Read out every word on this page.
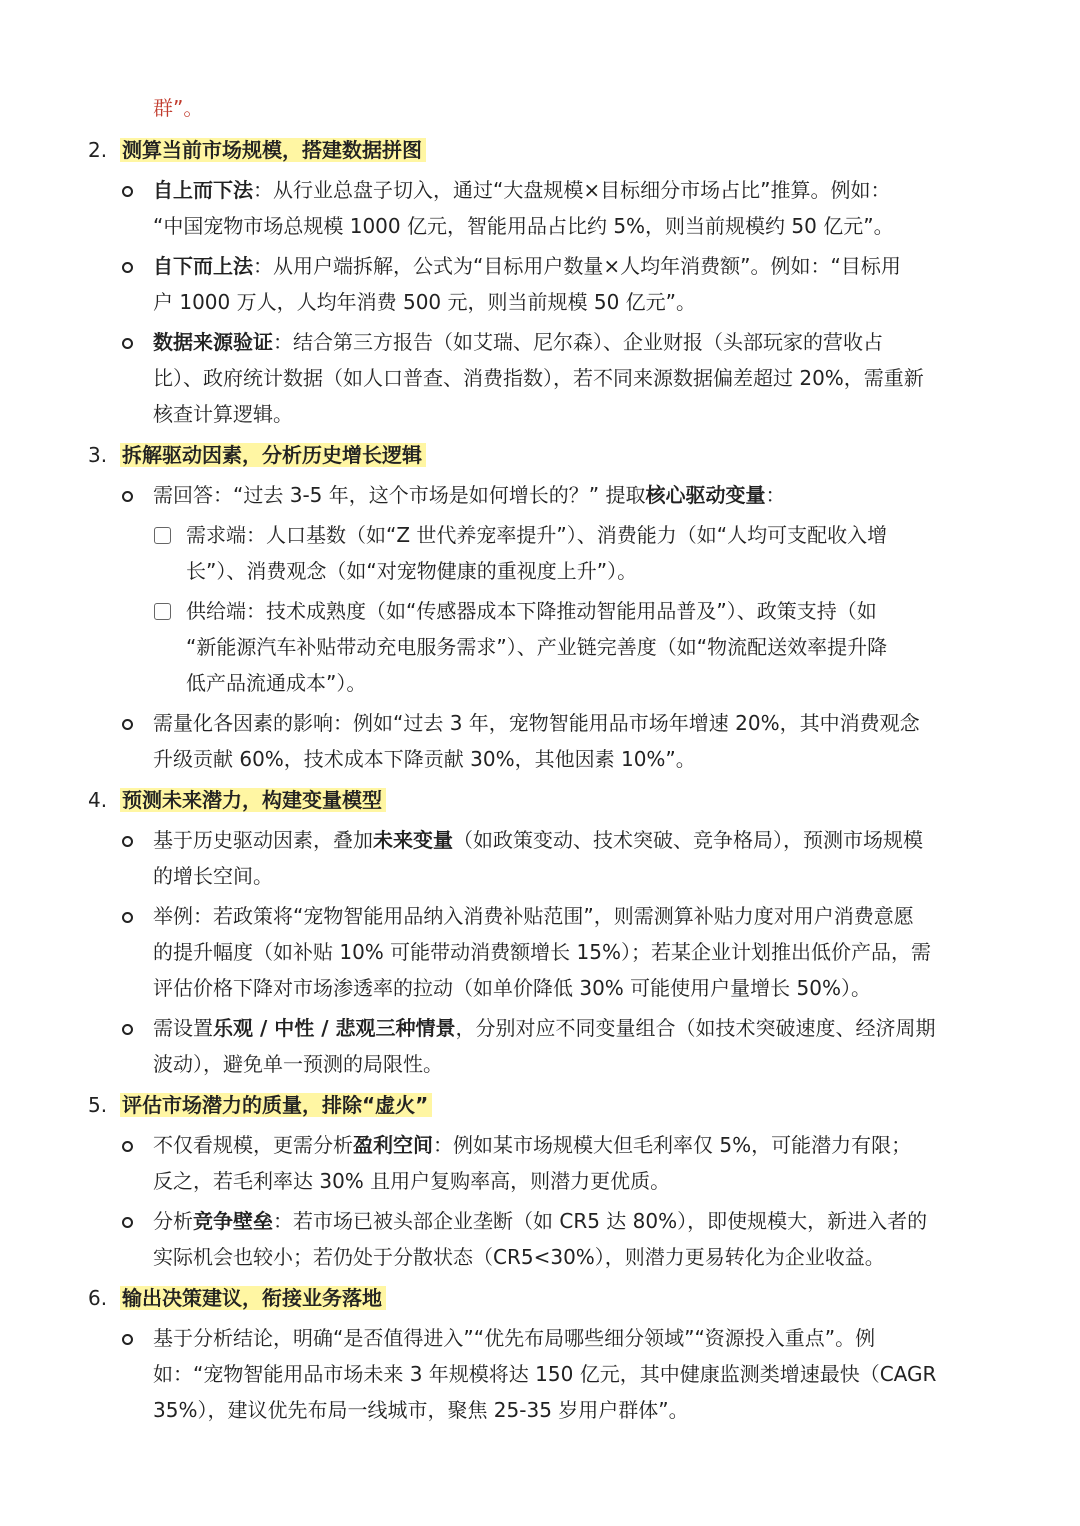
群”。
2. 测算当前市场规模，搭建数据拼图
自上而下法：从行业总盘子切入，通过“大盘规模×目标细分市场占比”推算。例如：
“中国宠物市场总规模 1000 亿元，智能用品占比约 5%，则当前规模约 50 亿元”。
自下而上法：从用户端拆解，公式为“目标用户数量×人均年消费额”。例如：“目标用
户 1000 万人，人均年消费 500 元，则当前规模 50 亿元”。
数据来源验证：结合第三方报告（如艾瑞、尼尔森）、企业财报（头部玩家的营收占
比）、政府统计数据（如人口普查、消费指数），若不同来源数据偏差超过 20%，需重新
核查计算逻辑。
3. 拆解驱动因素，分析历史增长逻辑
需回答：“过去 3-5 年，这个市场是如何增长的？” 提取核心驱动变量：
需求端：人口基数（如“Z 世代养宠率提升”）、消费能力（如“人均可支配收入增
长”）、消费观念（如“对宠物健康的重视度上升”）。
供给端：技术成熟度（如“传感器成本下降推动智能用品普及”）、政策支持（如
“新能源汽车补贴带动充电服务需求”）、产业链完善度（如“物流配送效率提升降
低产品流通成本”）。
需量化各因素的影响：例如“过去 3 年，宠物智能用品市场年增速 20%，其中消费观念
升级贡献 60%，技术成本下降贡献 30%，其他因素 10%”。
4. 预测未来潜力，构建变量模型
基于历史驱动因素，叠加未来变量（如政策变动、技术突破、竞争格局），预测市场规模
的增长空间。
举例：若政策将“宠物智能用品纳入消费补贴范围”，则需测算补贴力度对用户消费意愿
的提升幅度（如补贴 10% 可能带动消费额增长 15%）；若某企业计划推出低价产品，需
评估价格下降对市场渗透率的拉动（如单价降低 30% 可能使用户量增长 50%）。
需设置乐观 / 中性 / 悲观三种情景，分别对应不同变量组合（如技术突破速度、经济周期
波动），避免单一预测的局限性。
5. 评估市场潜力的质量，排除“虚火”
不仅看规模，更需分析盈利空间：例如某市场规模大但毛利率仅 5%，可能潜力有限；
反之，若毛利率达 30% 且用户复购率高，则潜力更优质。
分析竞争壁垒：若市场已被头部企业垄断（如 CR5 达 80%），即使规模大，新进入者的
实际机会也较小；若仍处于分散状态（CR5<30%），则潜力更易转化为企业收益。
6. 输出决策建议，衔接业务落地
基于分析结论，明确“是否值得进入”“优先布局哪些细分领域”“资源投入重点”。例
如：“宠物智能用品市场未来 3 年规模将达 150 亿元，其中健康监测类增速最快（CAGR
35%），建议优先布局一线城市，聚焦 25-35 岁用户群体”。
